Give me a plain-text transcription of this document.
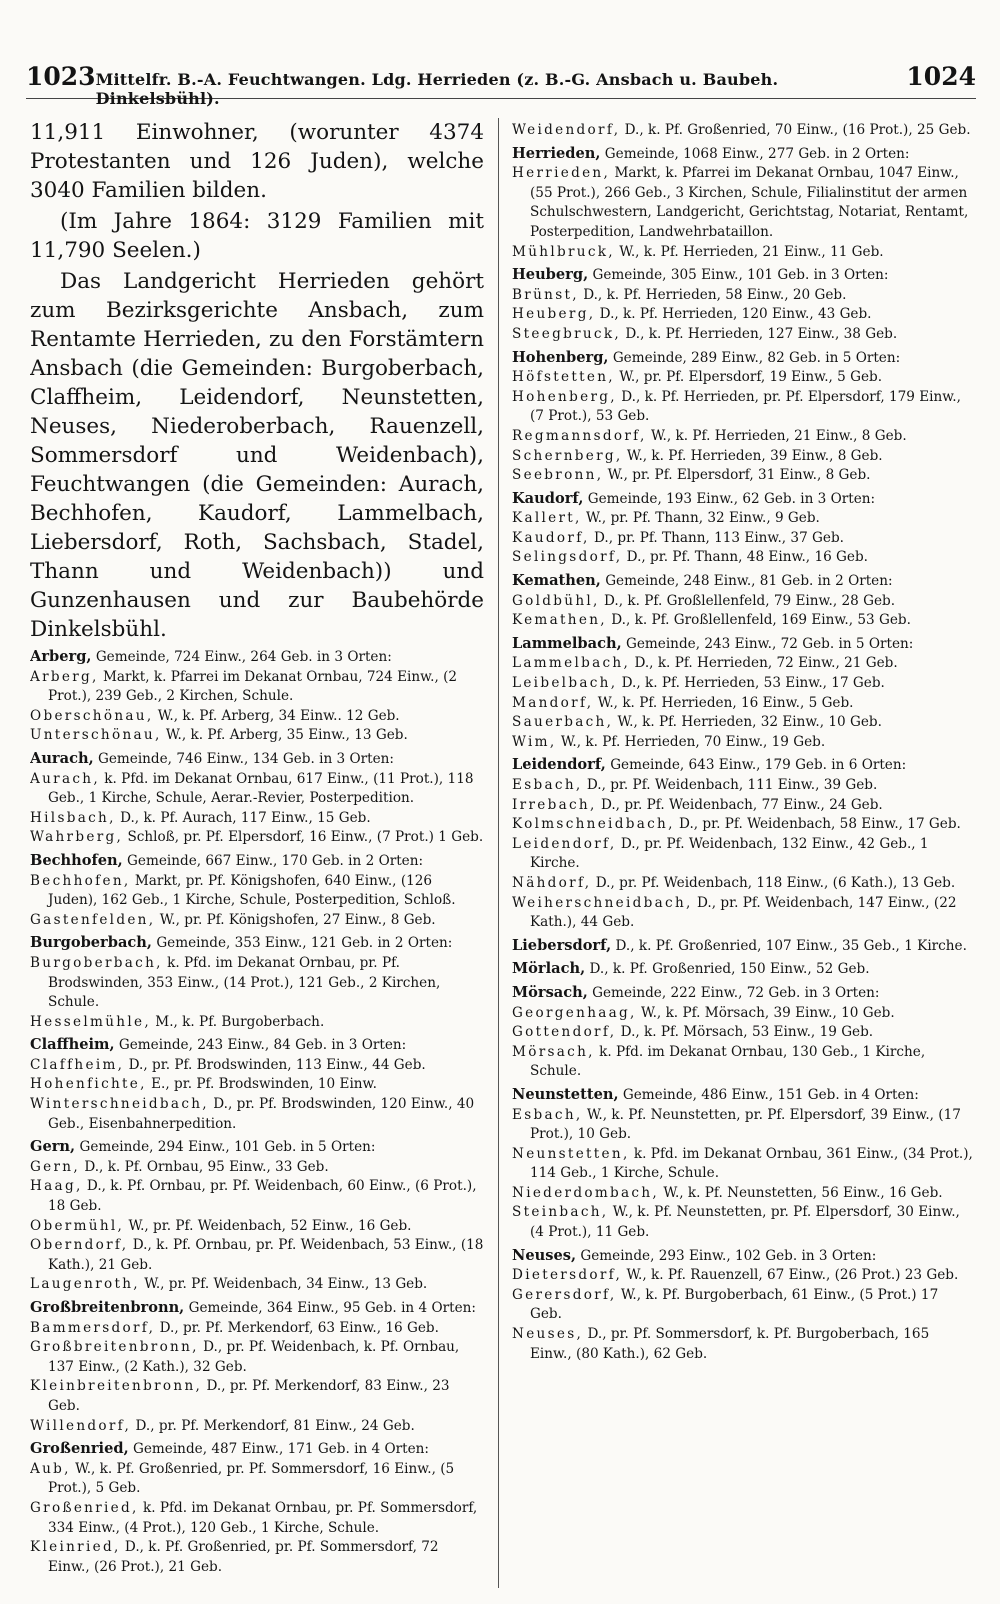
1023 Mittelfr. B.-A. Feuchtwangen. Ldg. Herrieden (z. B.-G. Ansbach u. Baubeh. Dinkelsbühl).
1024

11,911 Einwohner, (worunter 4374 Protestanten und 126 Juden), welche 3040 Familien bilden.

(Im Jahre 1864: 3129 Familien mit 11,790 Seelen.)

Das Landgericht Herrieden gehört zum Bezirksgerichte Ansbach, zum Rentamte Herrieden, zu den Forstämtern Ansbach (die Gemeinden: Burgoberbach, Claffheim, Leidendorf, Neunstetten, Neuses, Niederoberbach, Rauenzell, Sommersdorf und Weidenbach), Feuchtwangen (die Gemeinden: Aurach, Bechhofen, Kaudorf, Lammelbach, Liebersdorf, Roth, Sachsbach, Stadel, Thann und Weidenbach)) und Gunzenhausen und zur Baubehörde Dinkelsbühl.

Arberg, Gemeinde, 724 Einw., 264 Geb. in 3 Orten:
Arberg, Markt, k. Pfarrei im Dekanat Ornbau, 724 Einw., (2 Prot.), 239 Geb., 2 Kirchen, Schule.
Oberschönau, W., k. Pf. Arberg, 34 Einw.. 12 Geb.
Unterschönau, W., k. Pf. Arberg, 35 Einw., 13 Geb.
Aurach, Gemeinde, 746 Einw., 134 Geb. in 3 Orten:
Aurach, k. Pfd. im Dekanat Ornbau, 617 Einw., (11 Prot.), 118 Geb., 1 Kirche, Schule, Aerar.-Revier, Posterpedition.
Hilsbach, D., k. Pf. Aurach, 117 Einw., 15 Geb.
Wahrberg, Schloß, pr. Pf. Elpersdorf, 16 Einw., (7 Prot.) 1 Geb.
Bechhofen, Gemeinde, 667 Einw., 170 Geb. in 2 Orten:
Bechhofen, Markt, pr. Pf. Königshofen, 640 Einw., (126 Juden), 162 Geb., 1 Kirche, Schule, Posterpedition, Schloß.
Gastenfelden, W., pr. Pf. Königshofen, 27 Einw., 8 Geb.
Burgoberbach, Gemeinde, 353 Einw., 121 Geb. in 2 Orten:
Burgoberbach, k. Pfd. im Dekanat Ornbau, pr. Pf. Brodswinden, 353 Einw., (14 Prot.), 121 Geb., 2 Kirchen, Schule.
Hesselmühle, M., k. Pf. Burgoberbach.
Claffheim, Gemeinde, 243 Einw., 84 Geb. in 3 Orten:
Claffheim, D., pr. Pf. Brodswinden, 113 Einw., 44 Geb.
Hohenfichte, E., pr. Pf. Brodswinden, 10 Einw.
Winterschneidbach, D., pr. Pf. Brodswinden, 120 Einw., 40 Geb., Eisenbahnerpedition.
Gern, Gemeinde, 294 Einw., 101 Geb. in 5 Orten:
Gern, D., k. Pf. Ornbau, 95 Einw., 33 Geb.
Haag, D., k. Pf. Ornbau, pr. Pf. Weidenbach, 60 Einw., (6 Prot.), 18 Geb.
Obermühl, W., pr. Pf. Weidenbach, 52 Einw., 16 Geb.
Oberndorf, D., k. Pf. Ornbau, pr. Pf. Weidenbach, 53 Einw., (18 Kath.), 21 Geb.
Laugenroth, W., pr. Pf. Weidenbach, 34 Einw., 13 Geb.
Großbreitenbronn, Gemeinde, 364 Einw., 95 Geb. in 4 Orten:
Bammersdorf, D., pr. Pf. Merkendorf, 63 Einw., 16 Geb.
Großbreitenbronn, D., pr. Pf. Weidenbach, k. Pf. Ornbau, 137 Einw., (2 Kath.), 32 Geb.
Kleinbreitenbronn, D., pr. Pf. Merkendorf, 83 Einw., 23 Geb.
Willendorf, D., pr. Pf. Merkendorf, 81 Einw., 24 Geb.
Großenried, Gemeinde, 487 Einw., 171 Geb. in 4 Orten:
Aub, W., k. Pf. Großenried, pr. Pf. Sommersdorf, 16 Einw., (5 Prot.), 5 Geb.
Großenried, k. Pfd. im Dekanat Ornbau, pr. Pf. Sommersdorf, 334 Einw., (4 Prot.), 120 Geb., 1 Kirche, Schule.
Kleinried, D., k. Pf. Großenried, pr. Pf. Sommersdorf, 72 Einw., (26 Prot.), 21 Geb.
Weidendorf, D., k. Pf. Großenried, 70 Einw., (16 Prot.), 25 Geb.
Herrieden, Gemeinde, 1068 Einw., 277 Geb. in 2 Orten:
Herrieden, Markt, k. Pfarrei im Dekanat Ornbau, 1047 Einw., (55 Prot.), 266 Geb., 3 Kirchen, Schule, Filialinstitut der armen Schulschwestern, Landgericht, Gerichtstag, Notariat, Rentamt, Posterpedition, Landwehrbataillon.
Mühlbruck, W., k. Pf. Herrieden, 21 Einw., 11 Geb.
Heuberg, Gemeinde, 305 Einw., 101 Geb. in 3 Orten:
Brünst, D., k. Pf. Herrieden, 58 Einw., 20 Geb.
Heuberg, D., k. Pf. Herrieden, 120 Einw., 43 Geb.
Steegbruck, D., k. Pf. Herrieden, 127 Einw., 38 Geb.
Hohenberg, Gemeinde, 289 Einw., 82 Geb. in 5 Orten:
Höfstetten, W., pr. Pf. Elpersdorf, 19 Einw., 5 Geb.
Hohenberg, D., k. Pf. Herrieden, pr. Pf. Elpersdorf, 179 Einw., (7 Prot.), 53 Geb.
Regmannsdorf, W., k. Pf. Herrieden, 21 Einw., 8 Geb.
Schernberg, W., k. Pf. Herrieden, 39 Einw., 8 Geb.
Seebronn, W., pr. Pf. Elpersdorf, 31 Einw., 8 Geb.
Kaudorf, Gemeinde, 193 Einw., 62 Geb. in 3 Orten:
Kallert, W., pr. Pf. Thann, 32 Einw., 9 Geb.
Kaudorf, D., pr. Pf. Thann, 113 Einw., 37 Geb.
Selingsdorf, D., pr. Pf. Thann, 48 Einw., 16 Geb.
Kemathen, Gemeinde, 248 Einw., 81 Geb. in 2 Orten:
Goldbühl, D., k. Pf. Großlellenfeld, 79 Einw., 28 Geb.
Kemathen, D., k. Pf. Großlellenfeld, 169 Einw., 53 Geb.
Lammelbach, Gemeinde, 243 Einw., 72 Geb. in 5 Orten:
Lammelbach, D., k. Pf. Herrieden, 72 Einw., 21 Geb.
Leibelbach, D., k. Pf. Herrieden, 53 Einw., 17 Geb.
Mandorf, W., k. Pf. Herrieden, 16 Einw., 5 Geb.
Sauerbach, W., k. Pf. Herrieden, 32 Einw., 10 Geb.
Wim, W., k. Pf. Herrieden, 70 Einw., 19 Geb.
Leidendorf, Gemeinde, 643 Einw., 179 Geb. in 6 Orten:
Esbach, D., pr. Pf. Weidenbach, 111 Einw., 39 Geb.
Irrebach, D., pr. Pf. Weidenbach, 77 Einw., 24 Geb.
Kolmschneidbach, D., pr. Pf. Weidenbach, 58 Einw., 17 Geb.
Leidendorf, D., pr. Pf. Weidenbach, 132 Einw., 42 Geb., 1 Kirche.
Nähdorf, D., pr. Pf. Weidenbach, 118 Einw., (6 Kath.), 13 Geb.
Weiherschneidbach, D., pr. Pf. Weidenbach, 147 Einw., (22 Kath.), 44 Geb.
Liebersdorf, D., k. Pf. Großenried, 107 Einw., 35 Geb., 1 Kirche.
Mörlach, D., k. Pf. Großenried, 150 Einw., 52 Geb.
Mörsach, Gemeinde, 222 Einw., 72 Geb. in 3 Orten:
Georgenhaag, W., k. Pf. Mörsach, 39 Einw., 10 Geb.
Gottendorf, D., k. Pf. Mörsach, 53 Einw., 19 Geb.
Mörsach, k. Pfd. im Dekanat Ornbau, 130 Geb., 1 Kirche, Schule.
Neunstetten, Gemeinde, 486 Einw., 151 Geb. in 4 Orten:
Esbach, W., k. Pf. Neunstetten, pr. Pf. Elpersdorf, 39 Einw., (17 Prot.), 10 Geb.
Neunstetten, k. Pfd. im Dekanat Ornbau, 361 Einw., (34 Prot.), 114 Geb., 1 Kirche, Schule.
Niederdombach, W., k. Pf. Neunstetten, 56 Einw., 16 Geb.
Steinbach, W., k. Pf. Neunstetten, pr. Pf. Elpersdorf, 30 Einw., (4 Prot.), 11 Geb.
Neuses, Gemeinde, 293 Einw., 102 Geb. in 3 Orten:
Dietersdorf, W., k. Pf. Rauenzell, 67 Einw., (26 Prot.) 23 Geb.
Gerersdorf, W., k. Pf. Burgoberbach, 61 Einw., (5 Prot.) 17 Geb.
Neuses, D., pr. Pf. Sommersdorf, k. Pf. Burgoberbach, 165 Einw., (80 Kath.), 62 Geb.
